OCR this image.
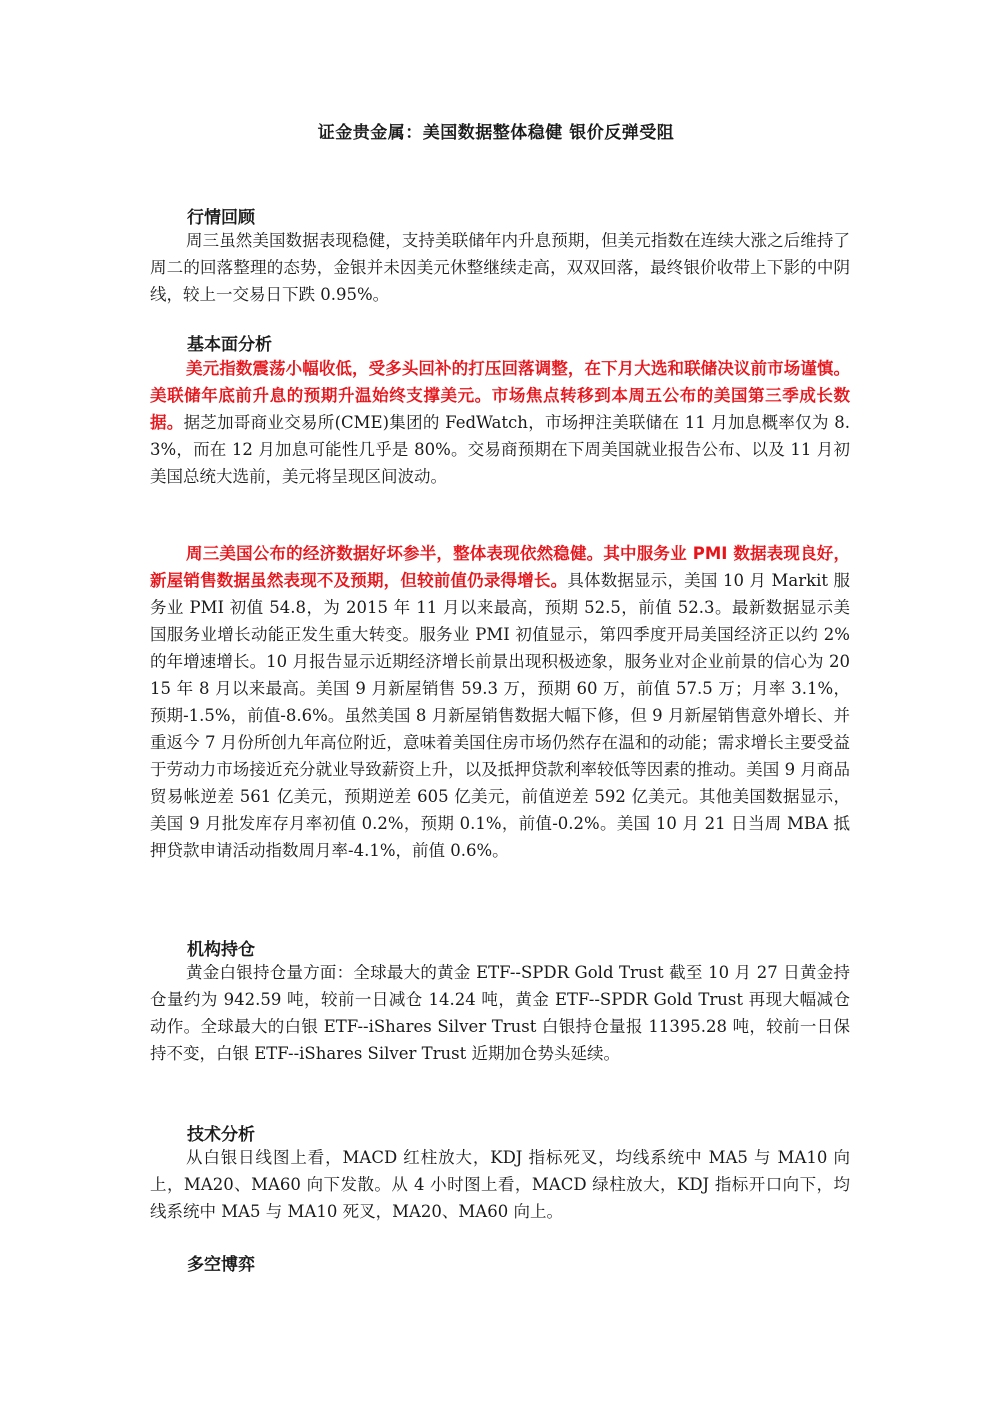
证金贵金属：美国数据整体稳健 银价反弹受阻
行情回顾
周三虽然美国数据表现稳健，支持美联储年内升息预期，但美元指数在连续大涨之后维持了周二的回落整理的态势，金银并未因美元休整继续走高，双双回落，最终银价收带上下影的中阴线，较上一交易日下跌 0.95%。
基本面分析
美元指数震荡小幅收低，受多头回补的打压回落调整，在下月大选和联储决议前市场谨慎。美联储年底前升息的预期升温始终支撑美元。市场焦点转移到本周五公布的美国第三季成长数据。据芝加哥商业交易所(CME)集团的 FedWatch，市场押注美联储在 11 月加息概率仅为 8.3%，而在 12 月加息可能性几乎是 80%。交易商预期在下周美国就业报告公布、以及 11 月初美国总统大选前，美元将呈现区间波动。
周三美国公布的经济数据好坏参半，整体表现依然稳健。其中服务业 PMI 数据表现良好，新屋销售数据虽然表现不及预期，但较前值仍录得增长。具体数据显示，美国 10 月 Markit 服务业 PMI 初值 54.8，为 2015 年 11 月以来最高，预期 52.5，前值 52.3。最新数据显示美国服务业增长动能正发生重大转变。服务业 PMI 初值显示，第四季度开局美国经济正以约 2%的年增速增长。10 月报告显示近期经济增长前景出现积极迹象，服务业对企业前景的信心为 2015 年 8 月以来最高。美国 9 月新屋销售 59.3 万，预期 60 万，前值 57.5 万；月率 3.1%，预期-1.5%，前值-8.6%。虽然美国 8 月新屋销售数据大幅下修，但 9 月新屋销售意外增长、并重返今 7 月份所创九年高位附近，意味着美国住房市场仍然存在温和的动能；需求增长主要受益于劳动力市场接近充分就业导致薪资上升，以及抵押贷款利率较低等因素的推动。美国 9 月商品贸易帐逆差 561 亿美元，预期逆差 605 亿美元，前值逆差 592 亿美元。其他美国数据显示，美国 9 月批发库存月率初值 0.2%，预期 0.1%，前值-0.2%。美国 10 月 21 日当周 MBA 抵押贷款申请活动指数周月率-4.1%，前值 0.6%。
机构持仓
黄金白银持仓量方面：全球最大的黄金 ETF--SPDR Gold Trust 截至 10 月 27 日黄金持仓量约为 942.59 吨，较前一日减仓 14.24 吨，黄金 ETF--SPDR Gold Trust 再现大幅减仓动作。全球最大的白银 ETF--iShares Silver Trust 白银持仓量报 11395.28 吨，较前一日保持不变，白银 ETF--iShares Silver Trust 近期加仓势头延续。
技术分析
从白银日线图上看，MACD 红柱放大，KDJ 指标死叉，均线系统中 MA5 与 MA10 向上，MA20、MA60 向下发散。从 4 小时图上看，MACD 绿柱放大，KDJ 指标开口向下，均线系统中 MA5 与 MA10 死叉，MA20、MA60 向上。
多空博弈
